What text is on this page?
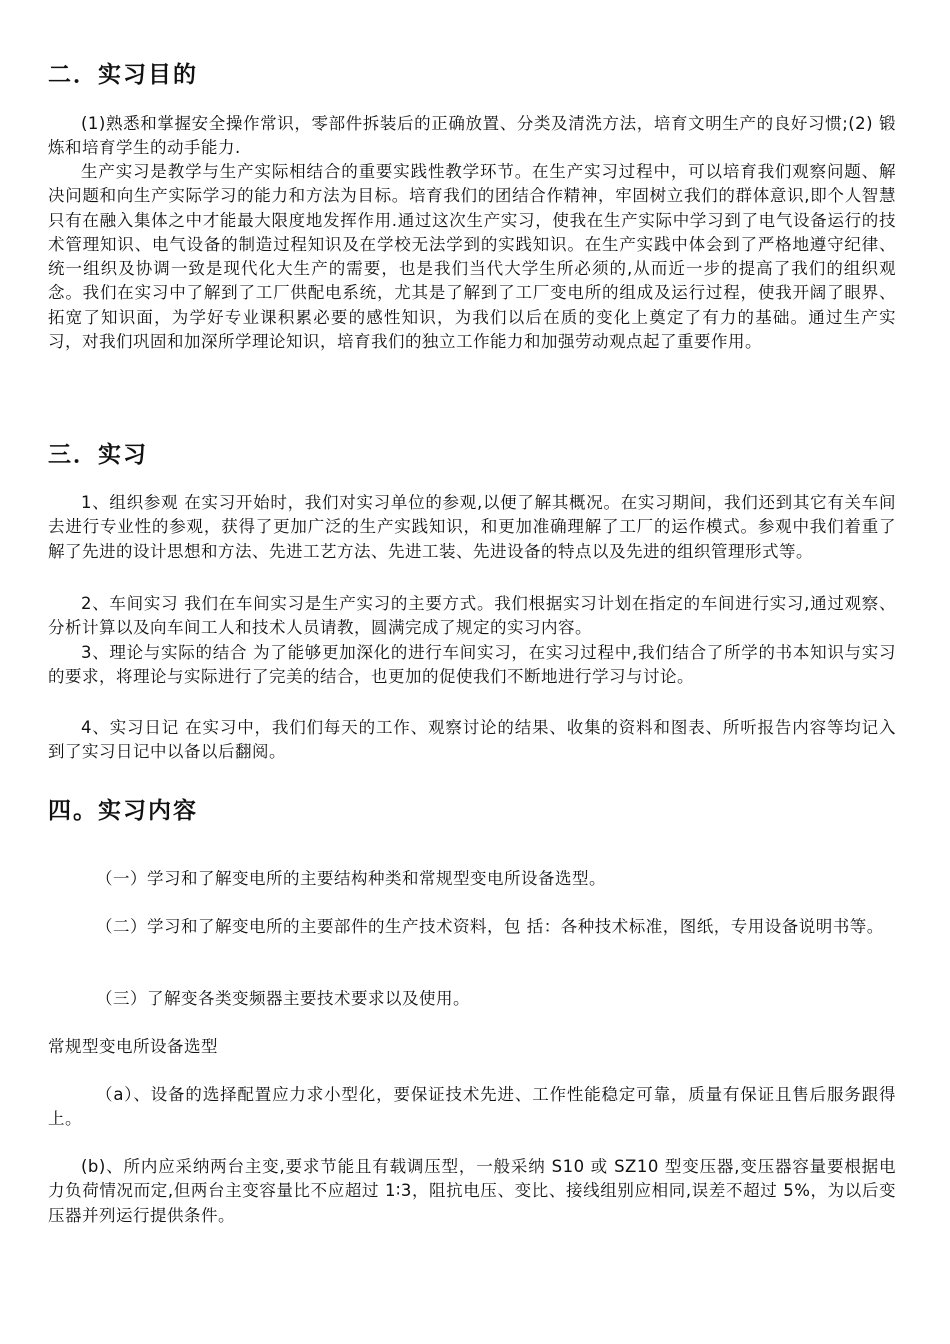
二．实习目的

(1)熟悉和掌握安全操作常识，零部件拆装后的正确放置、分类及清洗方法，培育文明生产的良好习惯;(2) 锻炼和培育学生的动手能力.

生产实习是教学与生产实际相结合的重要实践性教学环节。在生产实习过程中，可以培育我们观察问题、解决问题和向生产实际学习的能力和方法为目标。培育我们的团结合作精神，牢固树立我们的群体意识,即个人智慧只有在融入集体之中才能最大限度地发挥作用.通过这次生产实习，使我在生产实际中学习到了电气设备运行的技术管理知识、电气设备的制造过程知识及在学校无法学到的实践知识。在生产实践中体会到了严格地遵守纪律、统一组织及协调一致是现代化大生产的需要，也是我们当代大学生所必须的,从而近一步的提高了我们的组织观念。我们在实习中了解到了工厂供配电系统，尤其是了解到了工厂变电所的组成及运行过程，使我开阔了眼界、拓宽了知识面，为学好专业课积累必要的感性知识，为我们以后在质的变化上奠定了有力的基础。通过生产实习，对我们巩固和加深所学理论知识，培育我们的独立工作能力和加强劳动观点起了重要作用。

三．实习

1、组织参观 在实习开始时，我们对实习单位的参观,以便了解其概况。在实习期间，我们还到其它有关车间去进行专业性的参观，获得了更加广泛的生产实践知识，和更加准确理解了工厂的运作模式。参观中我们着重了解了先进的设计思想和方法、先进工艺方法、先进工装、先进设备的特点以及先进的组织管理形式等。

2、车间实习 我们在车间实习是生产实习的主要方式。我们根据实习计划在指定的车间进行实习,通过观察、分析计算以及向车间工人和技术人员请教，圆满完成了规定的实习内容。

3、理论与实际的结合 为了能够更加深化的进行车间实习，在实习过程中,我们结合了所学的书本知识与实习的要求，将理论与实际进行了完美的结合，也更加的促使我们不断地进行学习与讨论。

4、实习日记 在实习中，我们们每天的工作、观察讨论的结果、收集的资料和图表、所听报告内容等均记入到了实习日记中以备以后翻阅。

四。实习内容

（一）学习和了解变电所的主要结构种类和常规型变电所设备选型。

（二）学习和了解变电所的主要部件的生产技术资料，包 括：各种技术标准，图纸，专用设备说明书等。

（三）了解变各类变频器主要技术要求以及使用。

常规型变电所设备选型

（a）、设备的选择配置应力求小型化，要保证技术先进、工作性能稳定可靠，质量有保证且售后服务跟得上。

(b)、所内应采纳两台主变,要求节能且有载调压型，一般采纳 S10 或 SZ10 型变压器,变压器容量要根据电力负荷情况而定,但两台主变容量比不应超过 1∶3，阻抗电压、变比、接线组别应相同,误差不超过 5%，为以后变压器并列运行提供条件。
